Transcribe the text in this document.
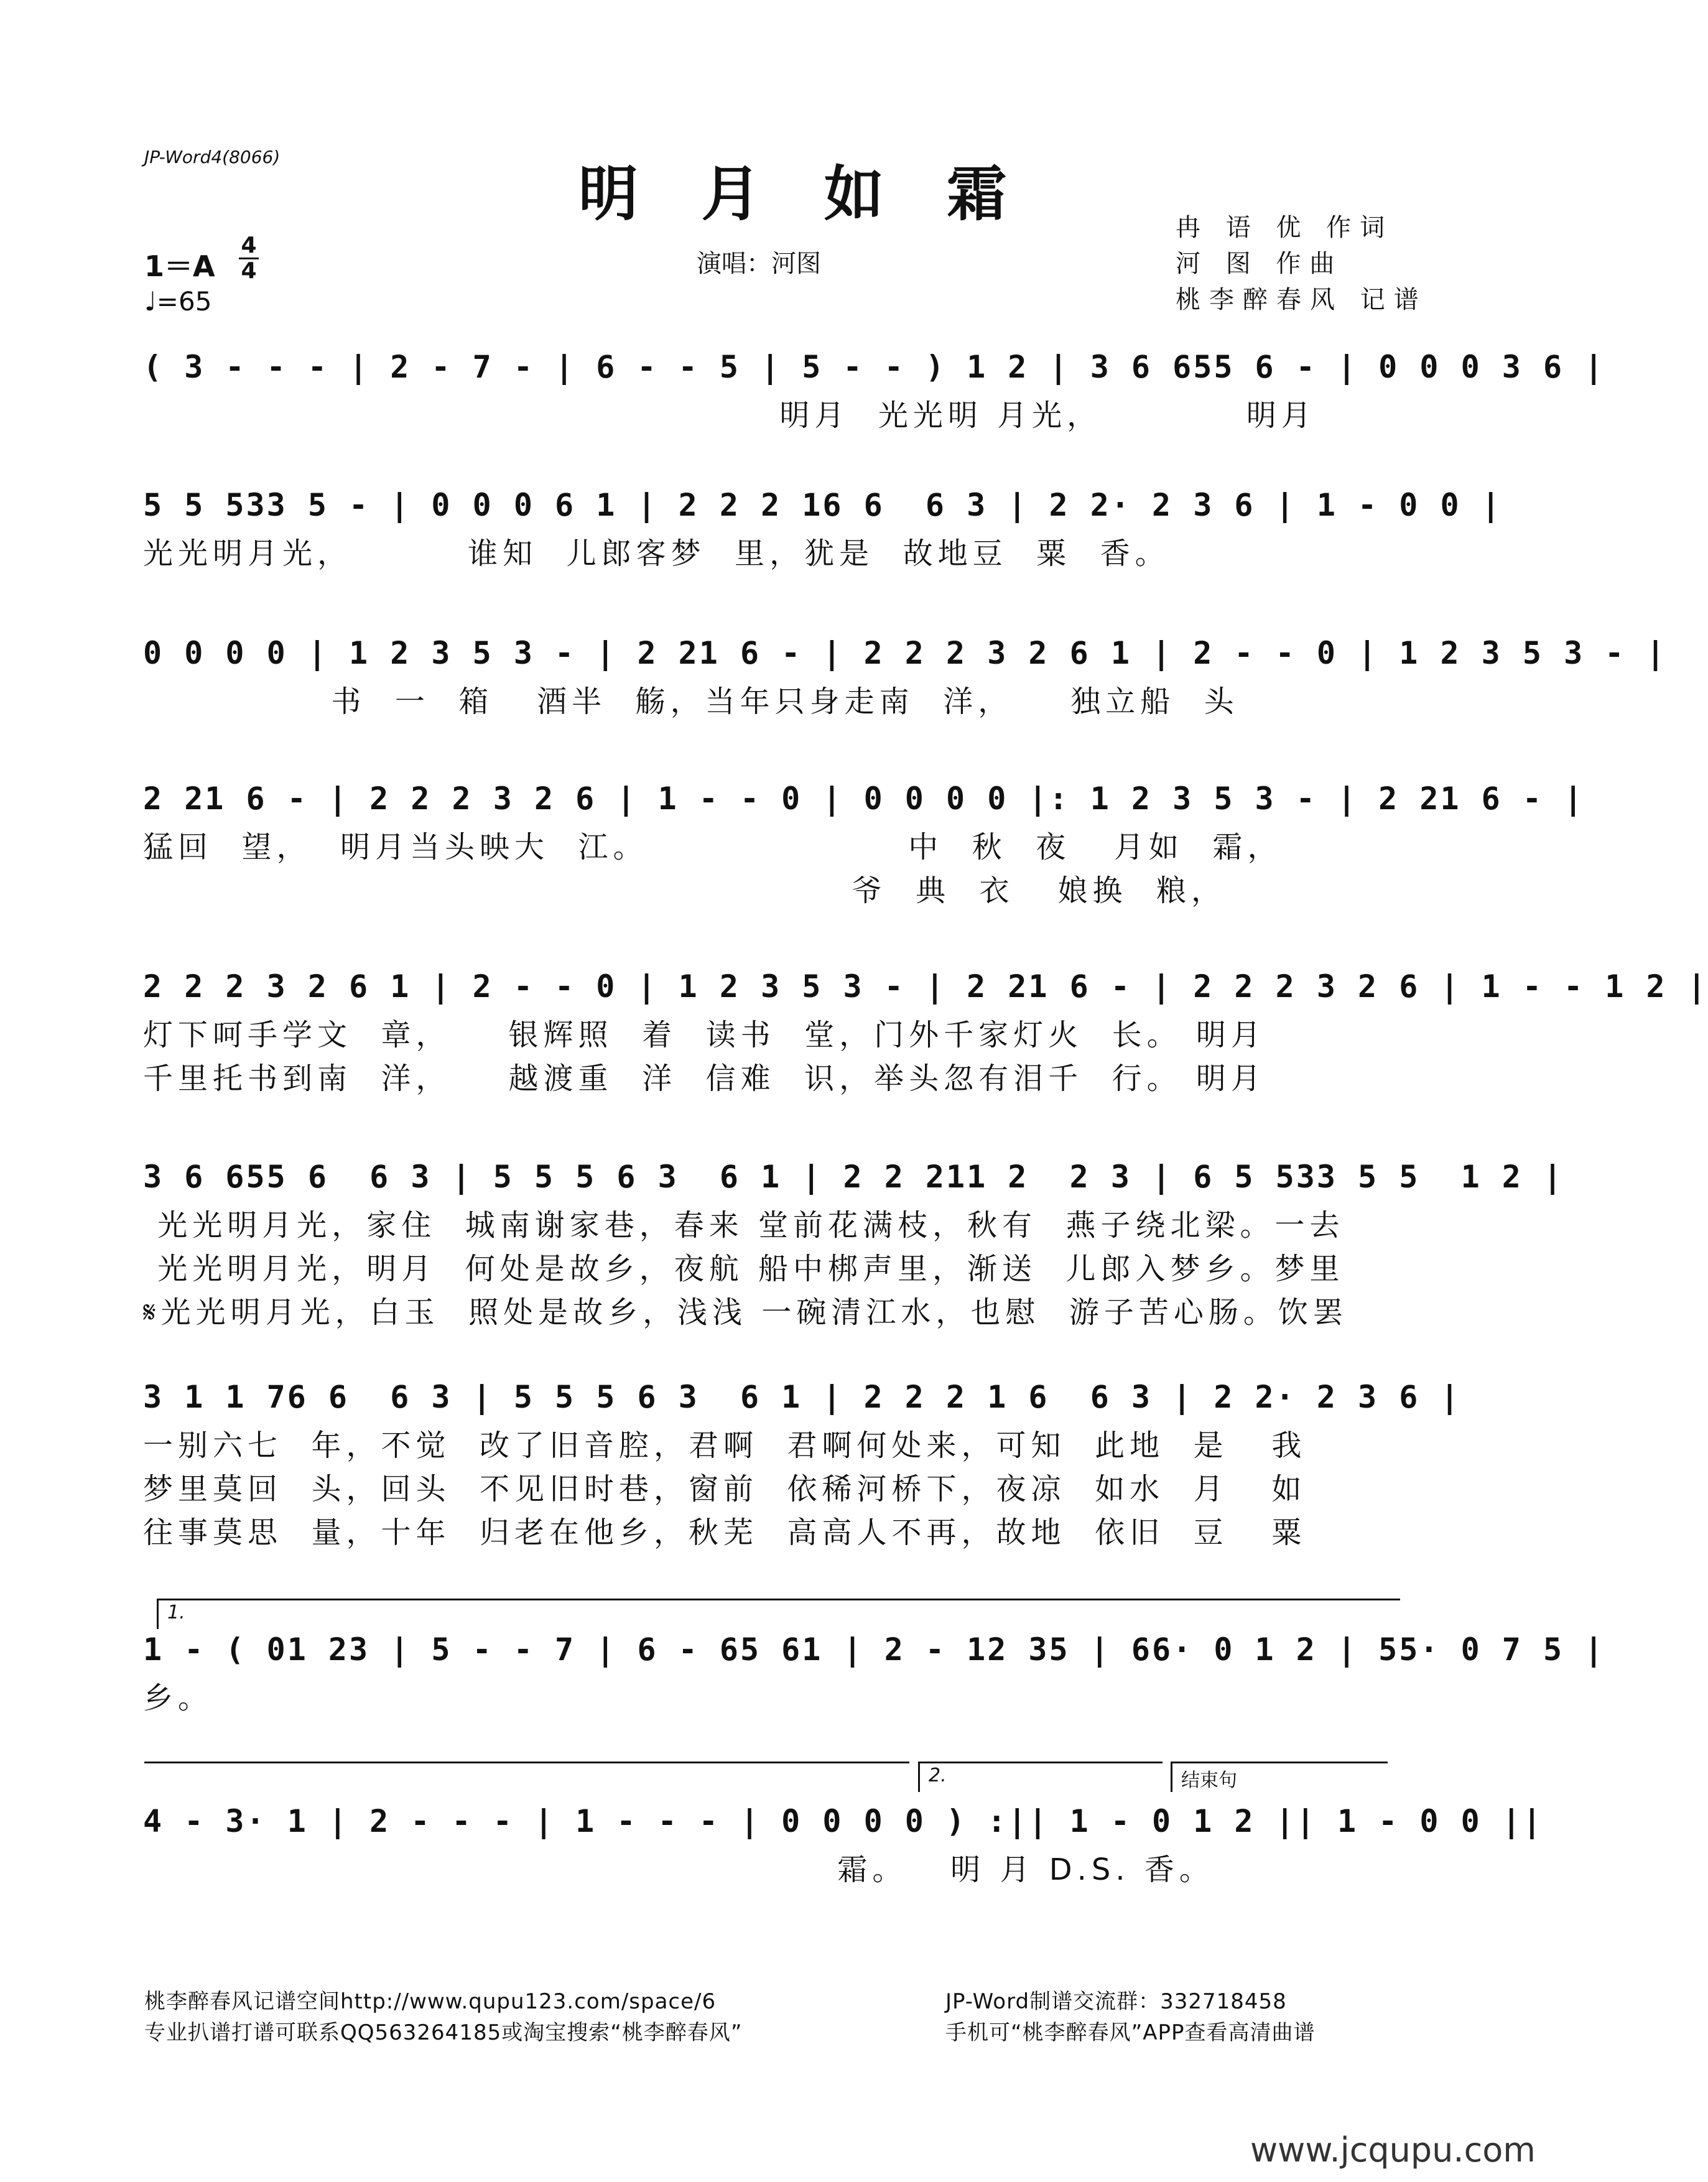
JP-Word4(8066)
明 月 如 霜	冉 语 优 作词
河 图 作曲
桃李醉春风 记谱
演唱：河图
1＝A
4
4
♩=65
( 3 - - - | 2 - 7 - | 6 - - 5 | 5 - - ) 1 2 | 3 6 655 6 - | 0 0 0 3 6 |
明月  光光明 月光，          明月
5 5 533 5 - | 0 0 0 6 1 | 2 2 2 16 6  6 3 | 2 2· 2 3 6 | 1 - 0 0 |
光光明月光，        谁知  儿郎客梦  里，犹是  故地豆  粟  香。
0 0 0 0 | 1 2 3 5 3 - | 2 21 6 - | 2 2 2 3 2 6 1 | 2 - - 0 | 1 2 3 5 3 - |
书  一  箱   酒半  觞，当年只身走南  洋，    独立船  头
2 21 6 - | 2 2 2 3 2 6 | 1 - - 0 | 0 0 0 0 |: 1 2 3 5 3 - | 2 21 6 - |
猛回  望，  明月当头映大  江。                  中  秋  夜   月如  霜，
爷  典  衣   娘换  粮，
2 2 2 3 2 6 1 | 2 - - 0 | 1 2 3 5 3 - | 2 21 6 - | 2 2 2 3 2 6 | 1 - - 1 2 |
灯下呵手学文  章，    银辉照  着  读书  堂，门外千家灯火  长。 明月
千里托书到南  洋，    越渡重  洋  信难  识，举头忽有泪千  行。 明月
3 6 655 6  6 3 | 5 5 5 6 3  6 1 | 2 2 211 2  2 3 | 6 5 533 5 5  1 2 |
光光明月光，家住  城南谢家巷，春来 堂前花满枝，秋有  燕子绕北梁。一去
光光明月光，明月  何处是故乡，夜航 船中梆声里，渐送  儿郎入梦乡。梦里
𝄋光光明月光，白玉  照处是故乡，浅浅 一碗清江水，也慰  游子苦心肠。饮罢
3 1 1 76 6  6 3 | 5 5 5 6 3  6 1 | 2 2 2 1 6  6 3 | 2 2· 2 3 6 |
一别六七  年，不觉  改了旧音腔，君啊  君啊何处来，可知  此地  是   我
梦里莫回  头，回头  不见旧时巷，窗前  依稀河桥下，夜凉  如水  月   如
往事莫思  量，十年  归老在他乡，秋芜  高高人不再，故地  依旧  豆   粟
1.
1 - ( 01 23 | 5 - - 7 | 6 - 65 61 | 2 - 12 35 | 66· 0 1 2 | 55· 0 7 5 |
乡。
2.	结束句
4 - 3· 1 | 2 - - - | 1 - - - | 0 0 0 0 ) :|| 1 - 0 1 2 || 1 - 0 0 ||
霜。   明 月 D.S. 香。
桃李醉春风记谱空间http://www.qupu123.com/space/6
专业扒谱打谱可联系QQ563264185或淘宝搜索“桃李醉春风”
JP-Word制谱交流群：332718458
手机可“桃李醉春风”APP查看高清曲谱
www.jcqupu.com
